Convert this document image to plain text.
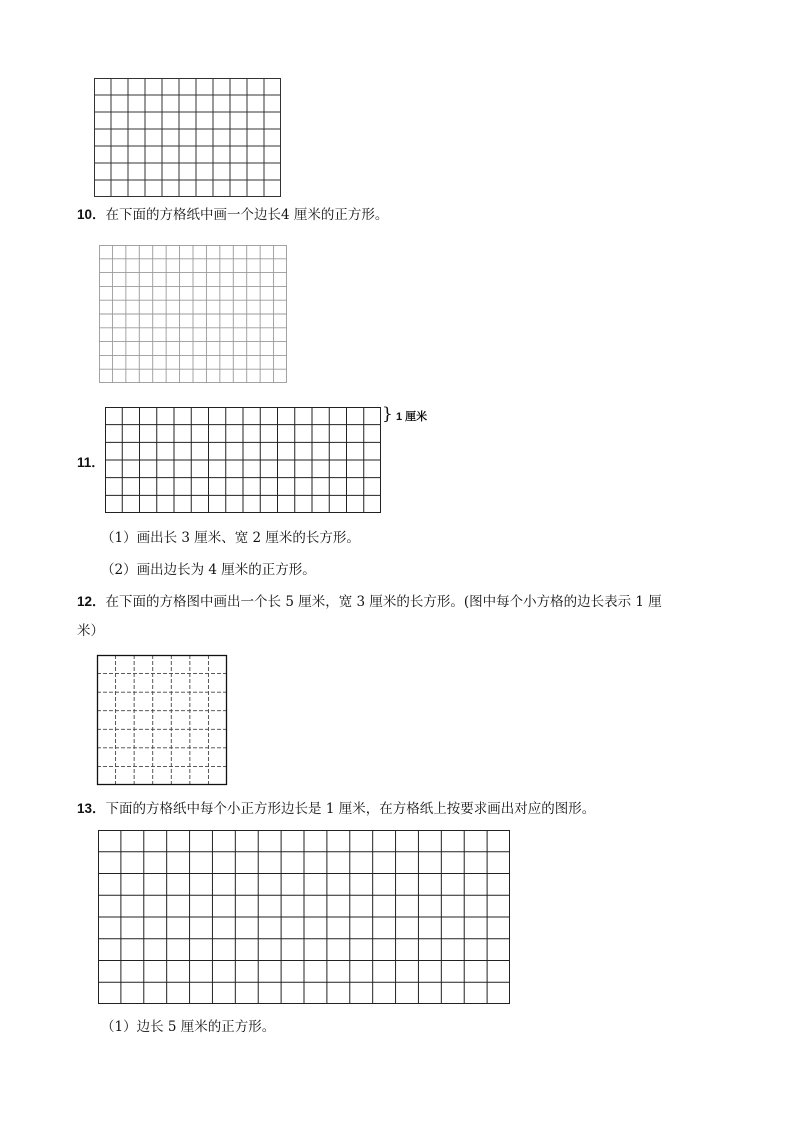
10．在下面的方格纸中画一个边长4 厘米的正方形。
11．
} 1 厘米
（1）画出长 3 厘米、宽 2 厘米的长方形。
（2）画出边长为 4 厘米的正方形。
12．在下面的方格图中画出一个长 5 厘米，宽 3 厘米的长方形。(图中每个小方格的边长表示 1 厘
米）
13．下面的方格纸中每个小正方形边长是 1 厘米，在方格纸上按要求画出对应的图形。
（1）边长 5 厘米的正方形。
